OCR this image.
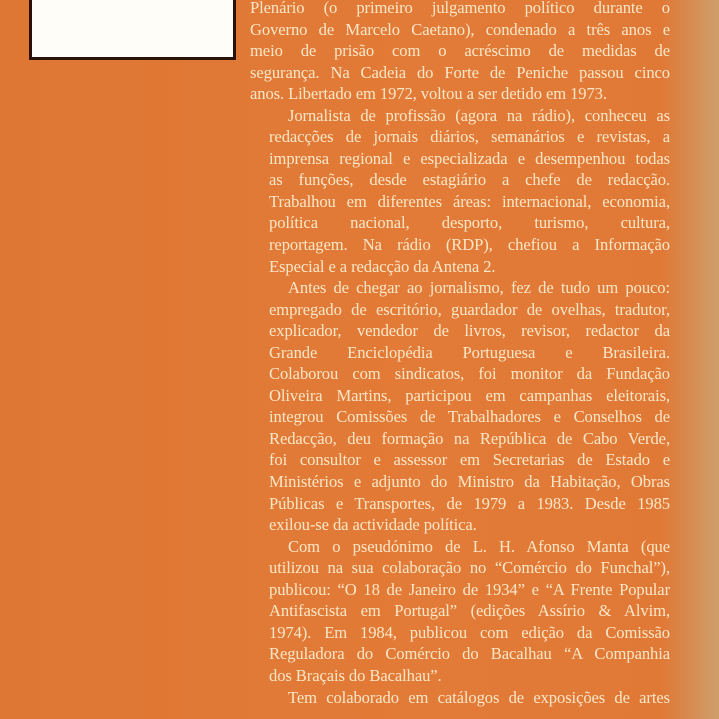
Plenário (o primeiro julgamento político durante o
Governo de Marcelo Caetano), condenado a três anos e
meio de prisão com o acréscimo de medidas de
segurança. Na Cadeia do Forte de Peniche passou cinco
anos. Libertado em 1972, voltou a ser detido em 1973.

Jornalista de profissão (agora na rádio), conheceu as
redacções de jornais diários, semanários e revistas, a
imprensa regional e especializada e desempenhou todas
as funções, desde estagiário a chefe de redacção.
Trabalhou em diferentes áreas: internacional, economia,
política nacional, desporto, turismo, cultura,
reportagem. Na rádio (RDP), chefiou a Informação
Especial e a redacção da Antena 2.

Antes de chegar ao jornalismo, fez de tudo um pouco:
empregado de escritório, guardador de ovelhas, tradutor,
explicador, vendedor de livros, revisor, redactor da
Grande Enciclopédia Portuguesa e Brasileira.
Colaborou com sindicatos, foi monitor da Fundação
Oliveira Martins, participou em campanhas eleitorais,
integrou Comissões de Trabalhadores e Conselhos de
Redacção, deu formação na República de Cabo Verde,
foi consultor e assessor em Secretarias de Estado e
Ministérios e adjunto do Ministro da Habitação, Obras
Públicas e Transportes, de 1979 a 1983. Desde 1985
exilou-se da actividade política.

Com o pseudónimo de L. H. Afonso Manta (que
utilizou na sua colaboração no “Comércio do Funchal”),
publicou: “O 18 de Janeiro de 1934” e “A Frente Popular
Antifascista em Portugal” (edições Assírio & Alvim,
1974). Em 1984, publicou com edição da Comissão
Reguladora do Comércio do Bacalhau “A Companhia
dos Braçais do Bacalhau”.

Tem colaborado em catálogos de exposições de artes
